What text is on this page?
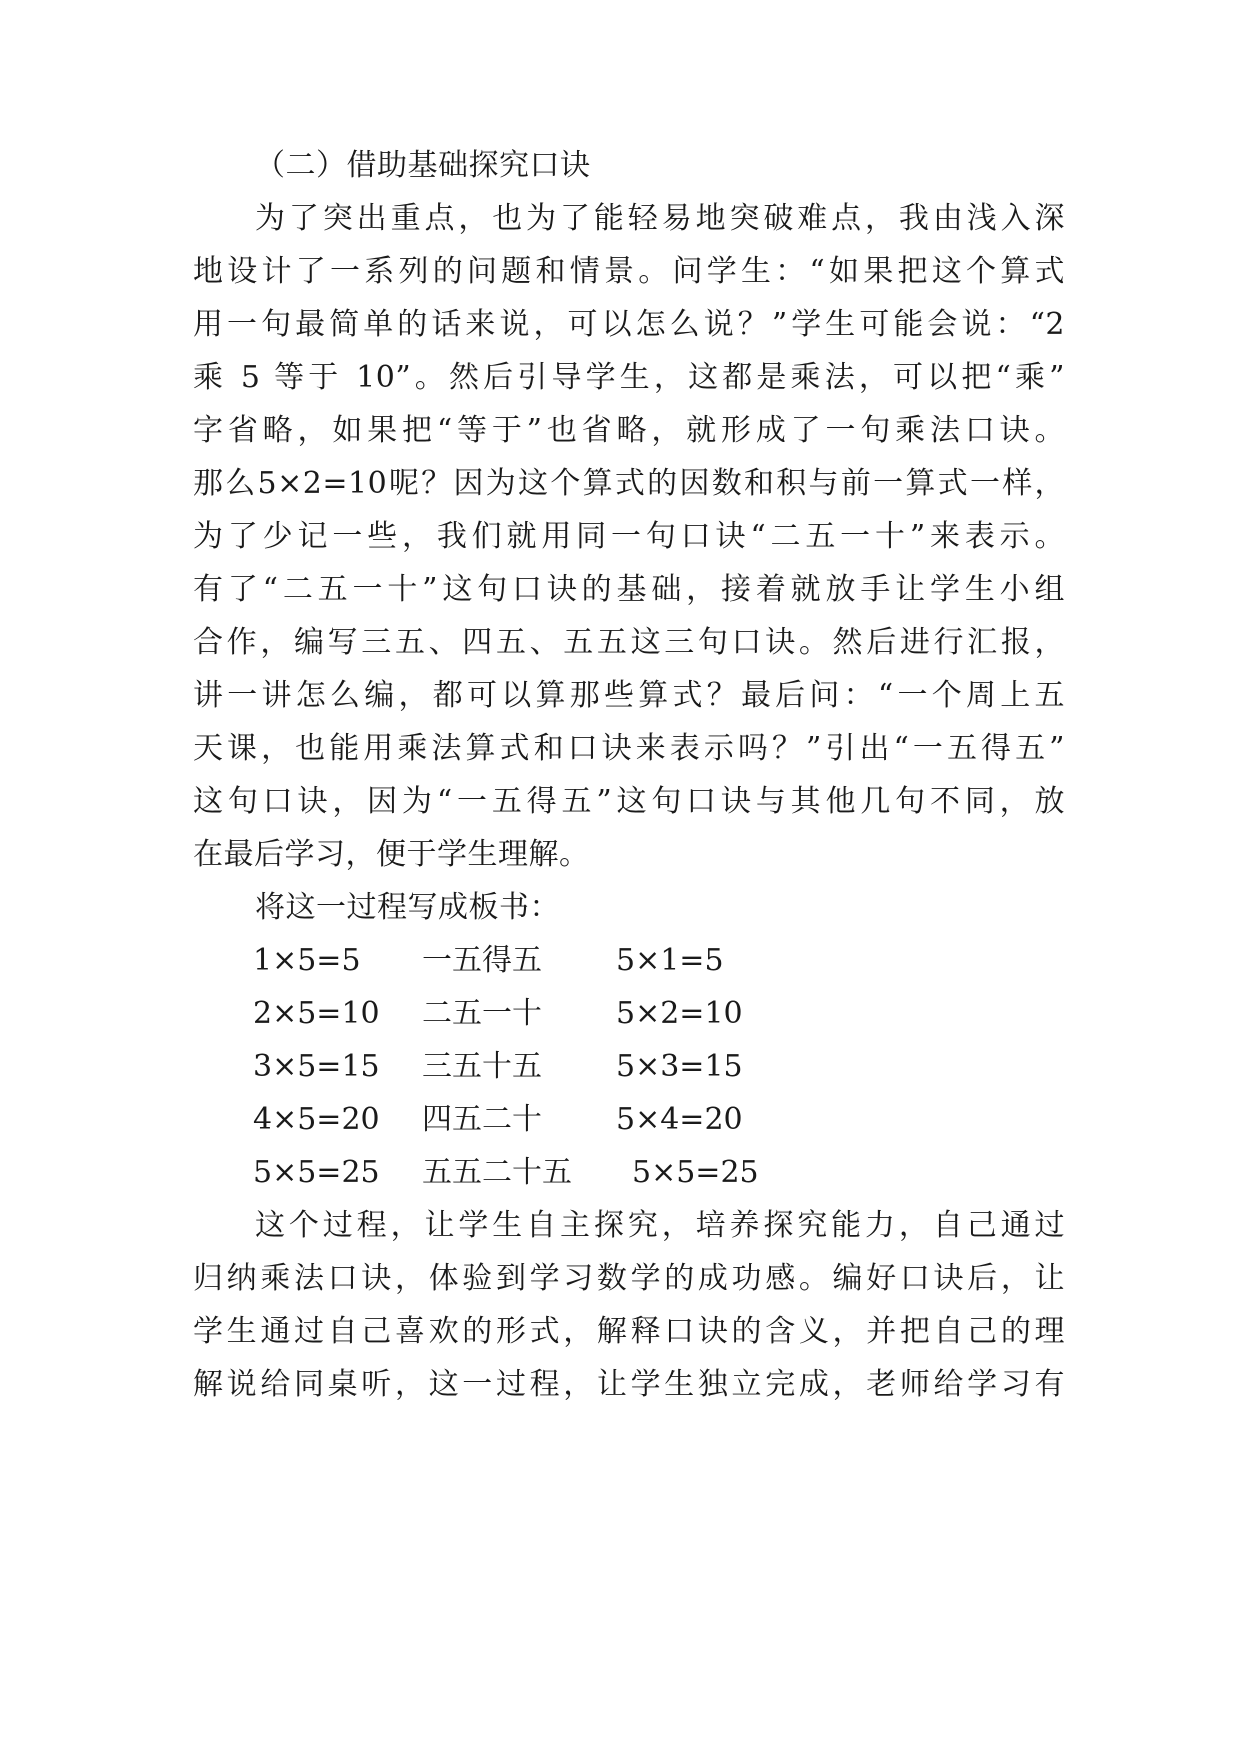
（二）借助基础探究口诀
为了突出重点，也为了能轻易地突破难点，我由浅入深
地设计了一系列的问题和情景。问学生：“如果把这个算式
用一句最简单的话来说，可以怎么说？”学生可能会说：“2
乘 5 等于 10”。然后引导学生，这都是乘法，可以把“乘”
字省略，如果把“等于”也省略，就形成了一句乘法口诀。
那么5×2=10呢？因为这个算式的因数和积与前一算式一样，
为了少记一些，我们就用同一句口诀“二五一十”来表示。
有了“二五一十”这句口诀的基础，接着就放手让学生小组
合作，编写三五、四五、五五这三句口诀。然后进行汇报，
讲一讲怎么编，都可以算那些算式？最后问：“一个周上五
天课，也能用乘法算式和口诀来表示吗？”引出“一五得五”
这句口诀，因为“一五得五”这句口诀与其他几句不同，放
在最后学习，便于学生理解。
将这一过程写成板书：
1×5=5 一五得五 5×1=5
2×5=10 二五一十 5×2=10
3×5=15 三五十五 5×3=15
4×5=20 四五二十 5×4=20
5×5=25 五五二十五 5×5=25
这个过程，让学生自主探究，培养探究能力，自己通过
归纳乘法口诀，体验到学习数学的成功感。编好口诀后，让
学生通过自己喜欢的形式，解释口诀的含义，并把自己的理
解说给同桌听，这一过程，让学生独立完成，老师给学习有
